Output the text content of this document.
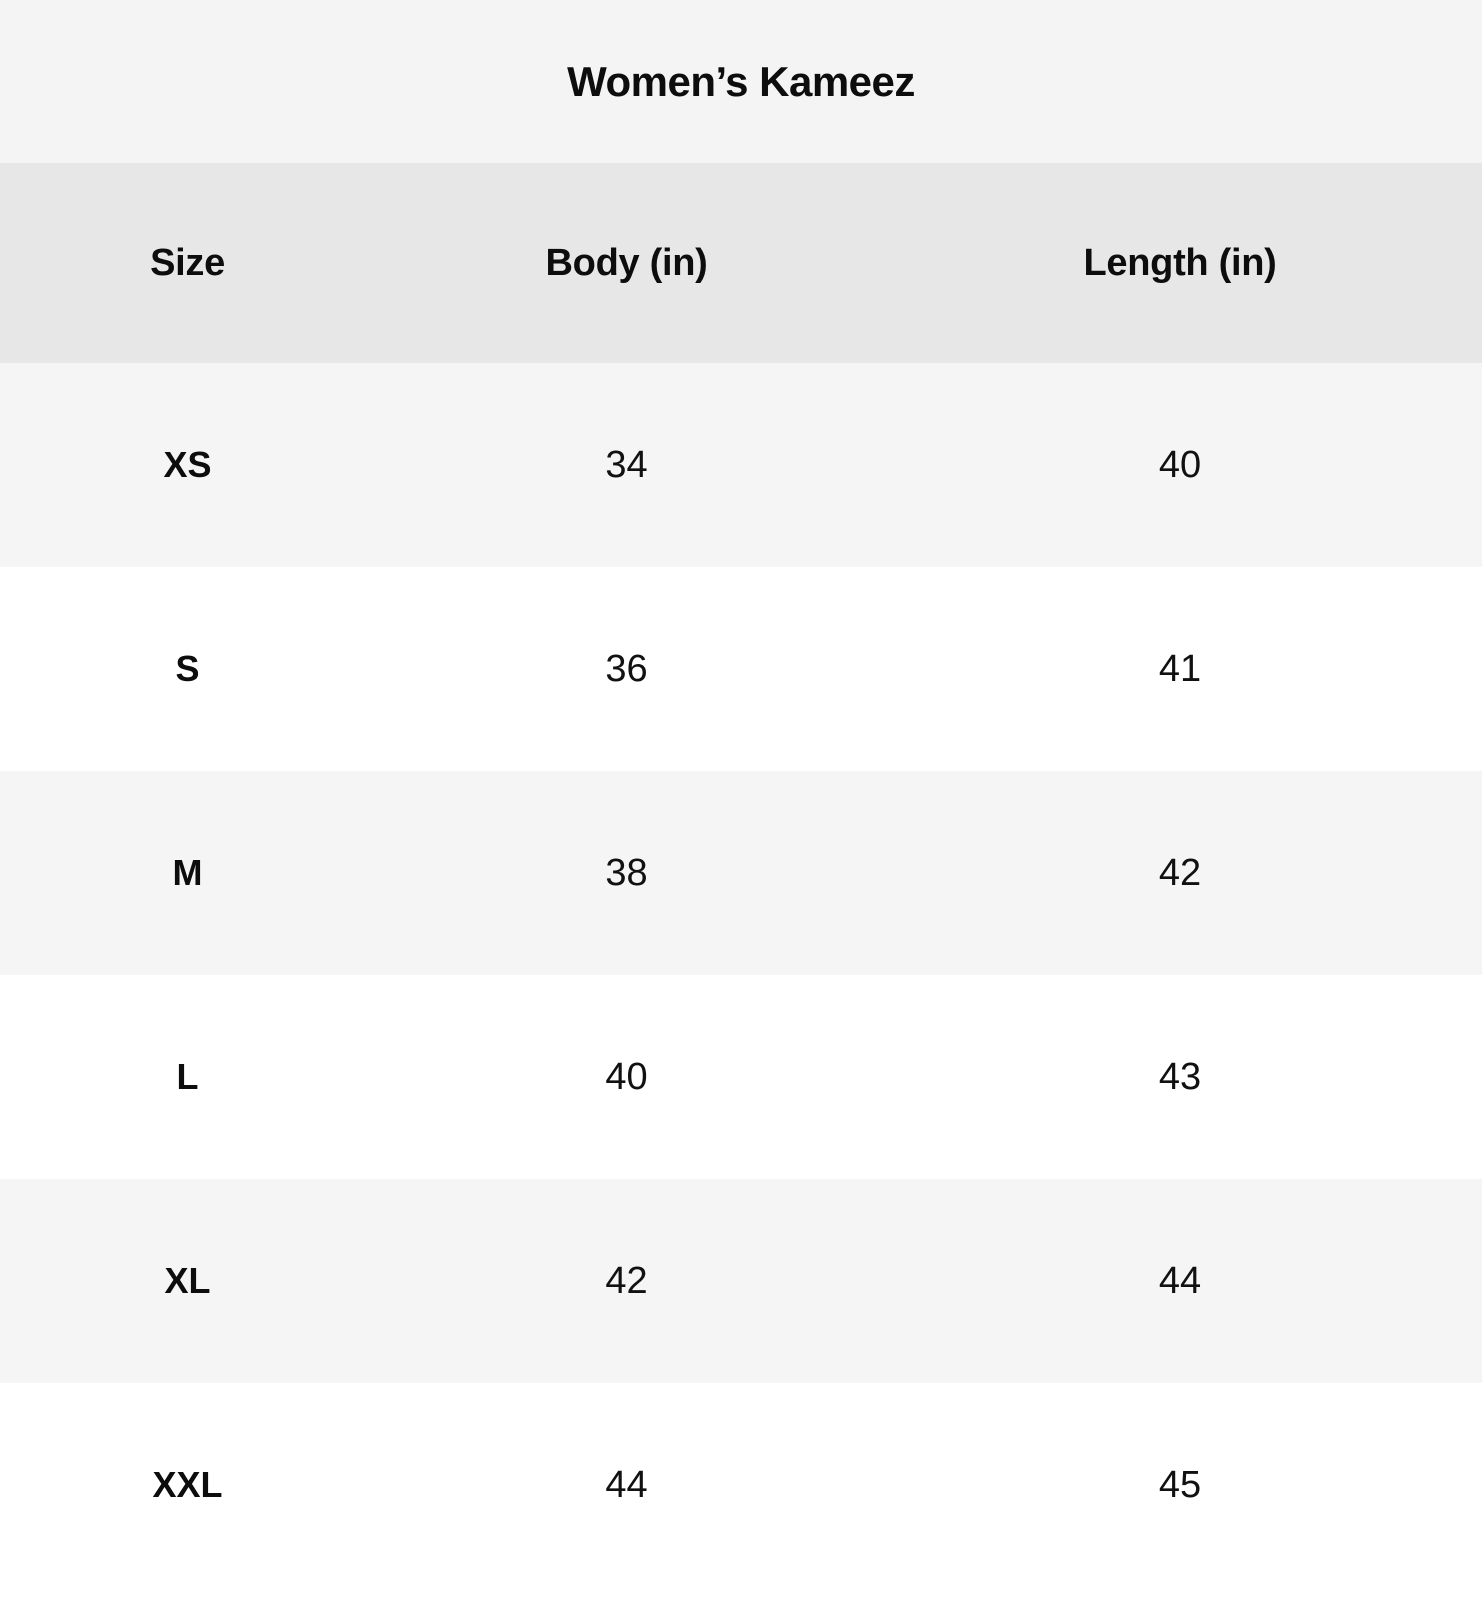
Women’s Kameez
Size	Body (in)	Length (in)
XS	34	40
S	36	41
M	38	42
L	40	43
XL	42	44
XXL	44	45
